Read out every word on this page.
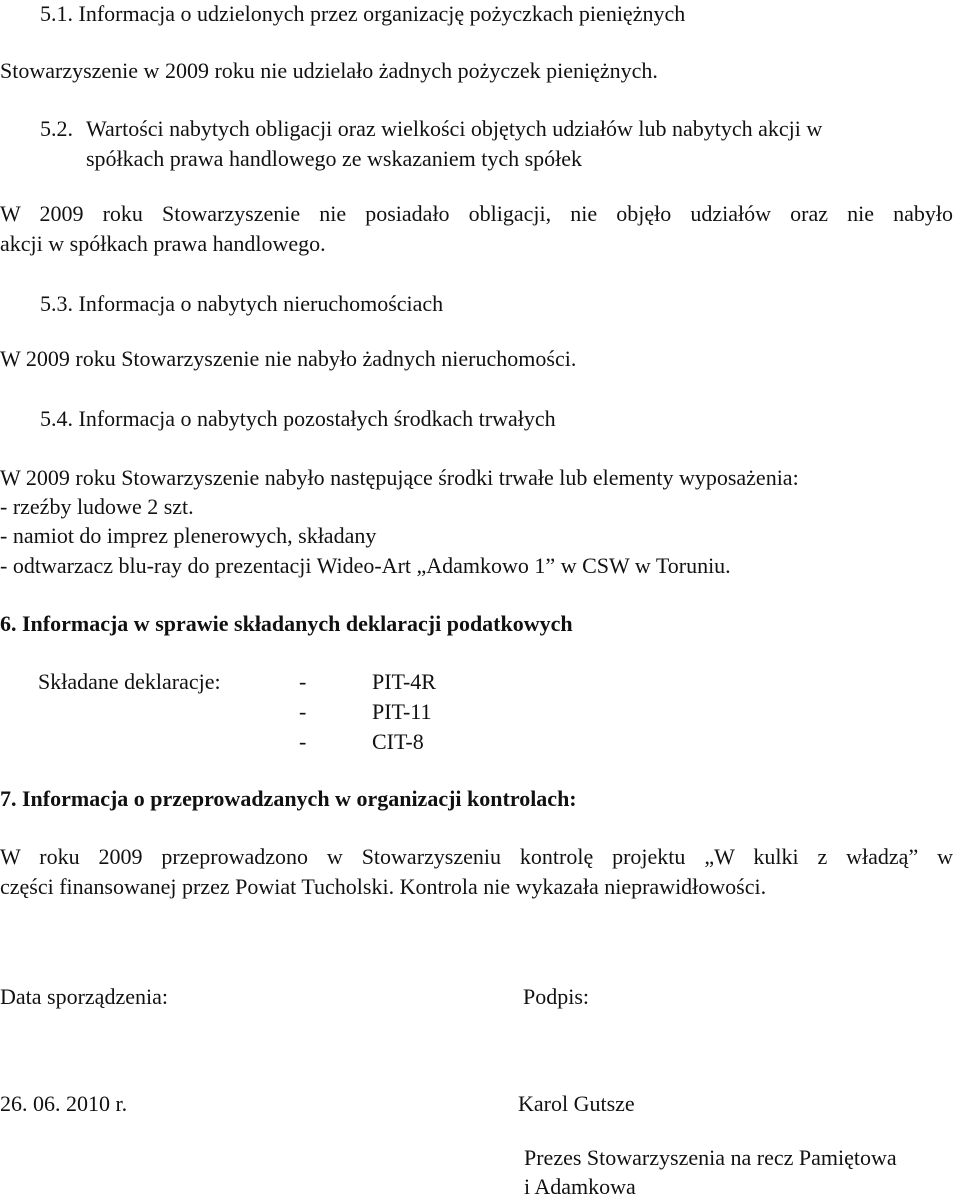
5.1. Informacja o udzielonych przez organizację pożyczkach pieniężnych
Stowarzyszenie w 2009 roku nie udzielało żadnych pożyczek pieniężnych.
5.2. Wartości nabytych obligacji oraz wielkości objętych udziałów lub nabytych akcji w
spółkach prawa handlowego ze wskazaniem tych spółek
W 2009 roku Stowarzyszenie nie posiadało obligacji, nie objęło udziałów oraz nie nabyło
akcji w spółkach prawa handlowego.
5.3. Informacja o nabytych nieruchomościach
W 2009 roku Stowarzyszenie nie nabyło żadnych nieruchomości.
5.4. Informacja o nabytych pozostałych środkach trwałych
W 2009 roku Stowarzyszenie nabyło następujące środki trwałe lub elementy wyposażenia:
- rzeźby ludowe 2 szt.
- namiot do imprez plenerowych, składany
- odtwarzacz blu-ray do prezentacji Wideo-Art „Adamkowo 1” w CSW w Toruniu.
6. Informacja w sprawie składanych deklaracji podatkowych
Składane deklaracje:	-	PIT-4R
-	PIT-11
-	CIT-8
7. Informacja o przeprowadzanych w organizacji kontrolach:
W roku 2009 przeprowadzono w Stowarzyszeniu kontrolę projektu „W kulki z władzą” w
części finansowanej przez Powiat Tucholski. Kontrola nie wykazała nieprawidłowości.
Data sporządzenia:	Podpis:
26. 06. 2010 r.	Karol Gutsze
Prezes Stowarzyszenia na recz Pamiętowa
i Adamkowa
